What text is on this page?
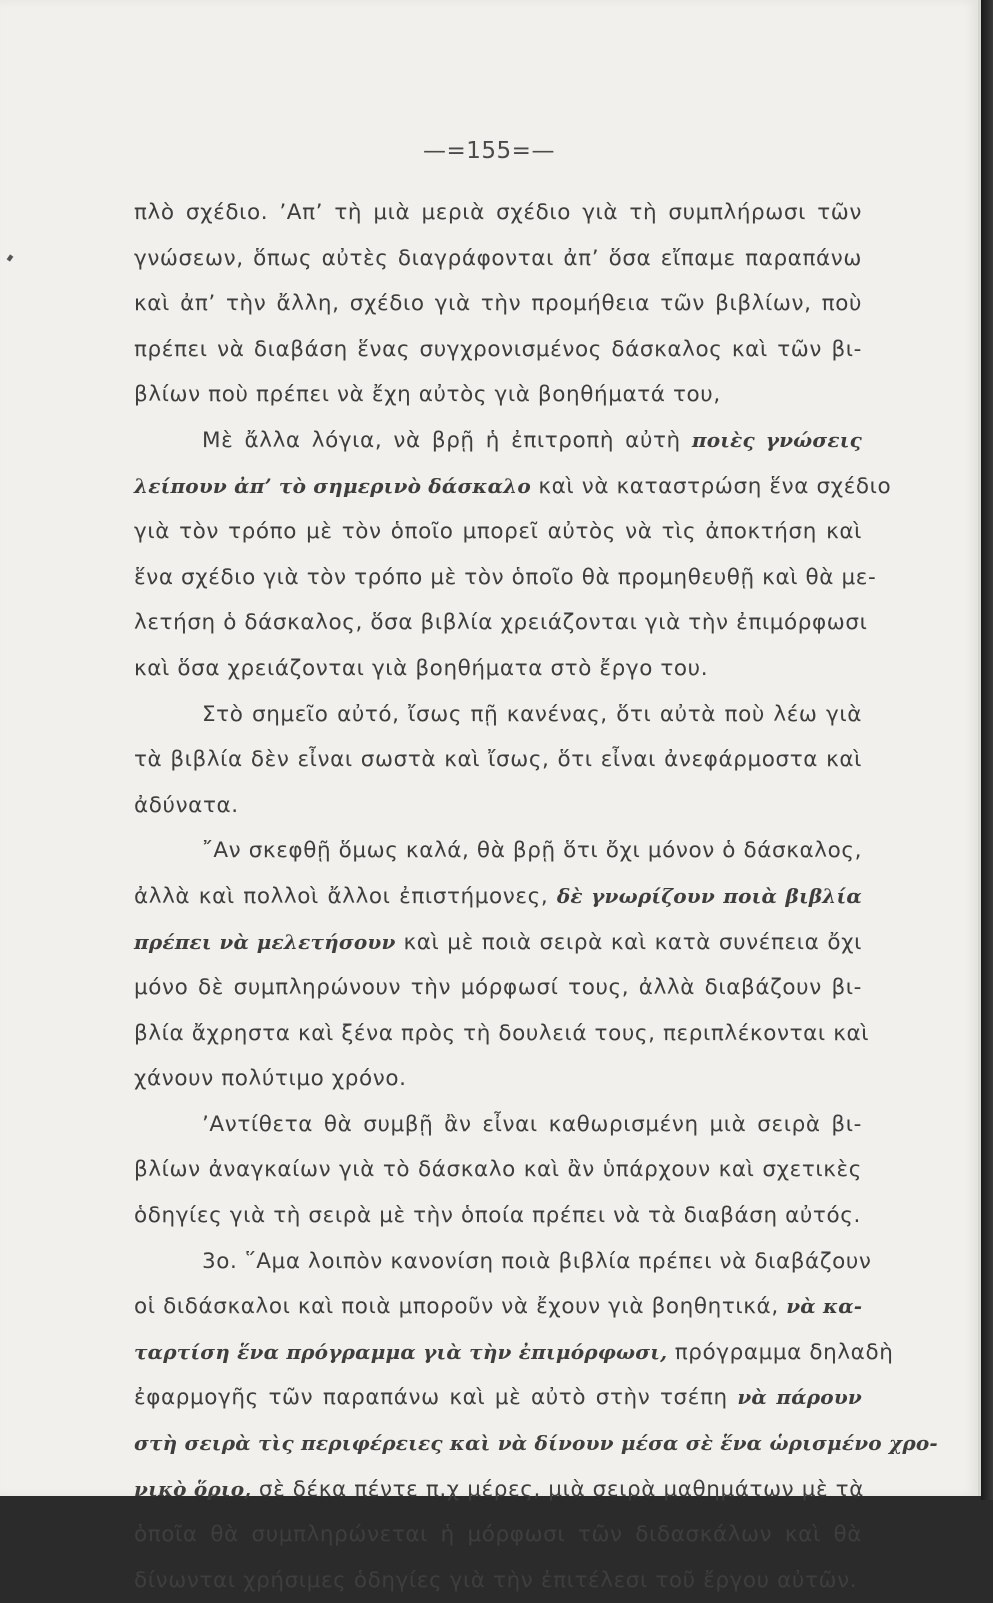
—=155=—
πλὸ σχέδιο. ’Απ’ τὴ μιὰ μεριὰ σχέδιο γιὰ τὴ συμπλήρωσι τῶν
γνώσεων, ὅπως αὐτὲς διαγράφονται ἀπ’ ὅσα εἴπαμε παραπάνω
καὶ ἀπ’ τὴν ἄλλη, σχέδιο γιὰ τὴν προμήθεια τῶν βιβλίων, ποὺ
πρέπει νὰ διαβάση ἕνας συγχρονισμένος δάσκαλος καὶ τῶν βι-
βλίων ποὺ πρέπει νὰ ἔχη αὐτὸς γιὰ βοηθήματά του,
Μὲ ἄλλα λόγια, νὰ βρῇ ἡ ἐπιτροπὴ αὐτὴ ποιὲς γνώσεις
λείπουν ἀπ’ τὸ σημερινὸ δάσκαλο καὶ νὰ καταστρώση ἕνα σχέδιο
γιὰ τὸν τρόπο μὲ τὸν ὁποῖο μπορεῖ αὐτὸς νὰ τὶς ἀποκτήση καὶ
ἕνα σχέδιο γιὰ τὸν τρόπο μὲ τὸν ὁποῖο θὰ προμηθευθῇ καὶ θὰ με-
λετήση ὁ δάσκαλος, ὅσα βιβλία χρειάζονται γιὰ τὴν ἐπιμόρφωσι
καὶ ὅσα χρειάζονται γιὰ βοηθήματα στὸ ἔργο του.
Στὸ σημεῖο αὐτό, ἴσως πῇ κανένας, ὅτι αὐτὰ ποὺ λέω γιὰ
τὰ βιβλία δὲν εἶναι σωστὰ καὶ ἴσως, ὅτι εἶναι ἀνεφάρμοστα καὶ
ἀδύνατα.
῎Αν σκεφθῇ ὅμως καλά, θὰ βρῇ ὅτι ὄχι μόνον ὁ δάσκαλος,
ἀλλὰ καὶ πολλοὶ ἄλλοι ἐπιστήμονες, δὲ γνωρίζουν ποιὰ βιβλία
πρέπει νὰ μελετήσουν καὶ μὲ ποιὰ σειρὰ καὶ κατὰ συνέπεια ὄχι
μόνο δὲ συμπληρώνουν τὴν μόρφωσί τους, ἀλλὰ διαβάζουν βι-
βλία ἄχρηστα καὶ ξένα πρὸς τὴ δουλειά τους, περιπλέκονται καὶ
χάνουν πολύτιμο χρόνο.
’Αντίθετα θὰ συμβῇ ἂν εἶναι καθωρισμένη μιὰ σειρὰ βι-
βλίων ἀναγκαίων γιὰ τὸ δάσκαλο καὶ ἂν ὑπάρχουν καὶ σχετικὲς
ὁδηγίες γιὰ τὴ σειρὰ μὲ τὴν ὁποία πρέπει νὰ τὰ διαβάση αὐτός.
3ο. ῞Αμα λοιπὸν κανονίση ποιὰ βιβλία πρέπει νὰ διαβάζουν
οἱ διδάσκαλοι καὶ ποιὰ μποροῦν νὰ ἔχουν γιὰ βοηθητικά, νὰ κα-
ταρτίση ἕνα πρόγραμμα γιὰ τὴν ἐπιμόρφωσι, πρόγραμμα δηλαδὴ
ἐφαρμογῆς τῶν παραπάνω καὶ μὲ αὐτὸ στὴν τσέπη νὰ πάρουν
στὴ σειρὰ τὶς περιφέρειες καὶ νὰ δίνουν μέσα σὲ ἕνα ὡρισμένο χρο-
νικὸ ὅριο, σὲ δέκα πέντε π.χ μέρες, μιὰ σειρὰ μαθημάτων μὲ τὰ
ὁποῖα θὰ συμπληρώνεται ἡ μόρφωσι τῶν διδασκάλων καὶ θὰ
δίνωνται χρήσιμες ὁδηγίες γιὰ τὴν ἐπιτέλεσι τοῦ ἔργου αὐτῶν.
